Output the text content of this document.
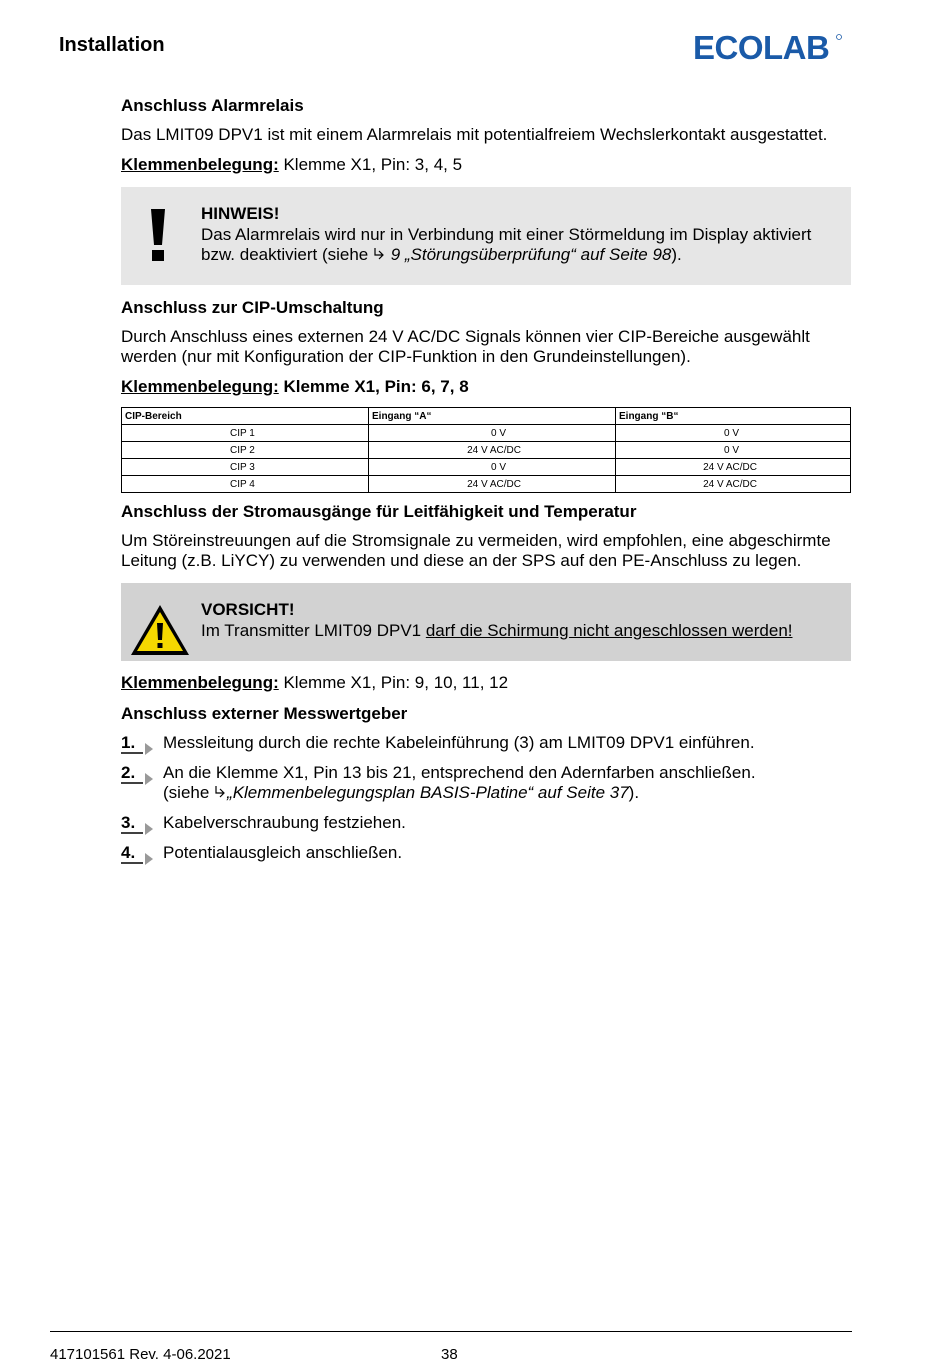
Installation	ECOLAB
Anschluss Alarmrelais

Das LMIT09 DPV1 ist mit einem Alarmrelais mit potentialfreiem Wechslerkontakt ausgestattet.

Klemmenbelegung: Klemme X1, Pin: 3, 4, 5

HINWEIS!
Das Alarmrelais wird nur in Verbindung mit einer Störmeldung im Display aktiviert bzw. deaktiviert (siehe  9 „Störungsüberprüfung“ auf Seite 98).
Anschluss zur CIP-Umschaltung

Durch Anschluss eines externen 24 V AC/DC Signals können vier CIP-Bereiche ausgewählt werden (nur mit Konfiguration der CIP-Funktion in den Grundeinstellungen).

Klemmenbelegung: Klemme X1, Pin: 6, 7, 8

CIP-Bereich	Eingang “A“	Eingang “B“
CIP 1	0 V	0 V
CIP 2	24 V AC/DC	0 V
CIP 3	0 V	24 V AC/DC
CIP 4	24 V AC/DC	24 V AC/DC
Anschluss der Stromausgänge für Leitfähigkeit und Temperatur

Um Störeinstreuungen auf die Stromsignale zu vermeiden, wird empfohlen, eine abgeschirmte Leitung (z.B. LiYCY) zu verwenden und diese an der SPS auf den PE-Anschluss zu legen.

VORSICHT!
Im Transmitter LMIT09 DPV1 darf die Schirmung nicht angeschlossen werden!

Klemmenbelegung: Klemme X1, Pin: 9, 10, 11, 12

Anschluss externer Messwertgeber
1.	Messleitung durch die rechte Kabeleinführung (3) am LMIT09 DPV1 einführen.
2.	An die Klemme X1, Pin 13 bis 21, entsprechend den Adernfarben anschließen.
(siehe „Klemmenbelegungsplan BASIS-Platine“ auf Seite 37).
3.	Kabelverschraubung festziehen.
4.	Potentialausgleich anschließen.
417101561 Rev. 4-06.2021	38
